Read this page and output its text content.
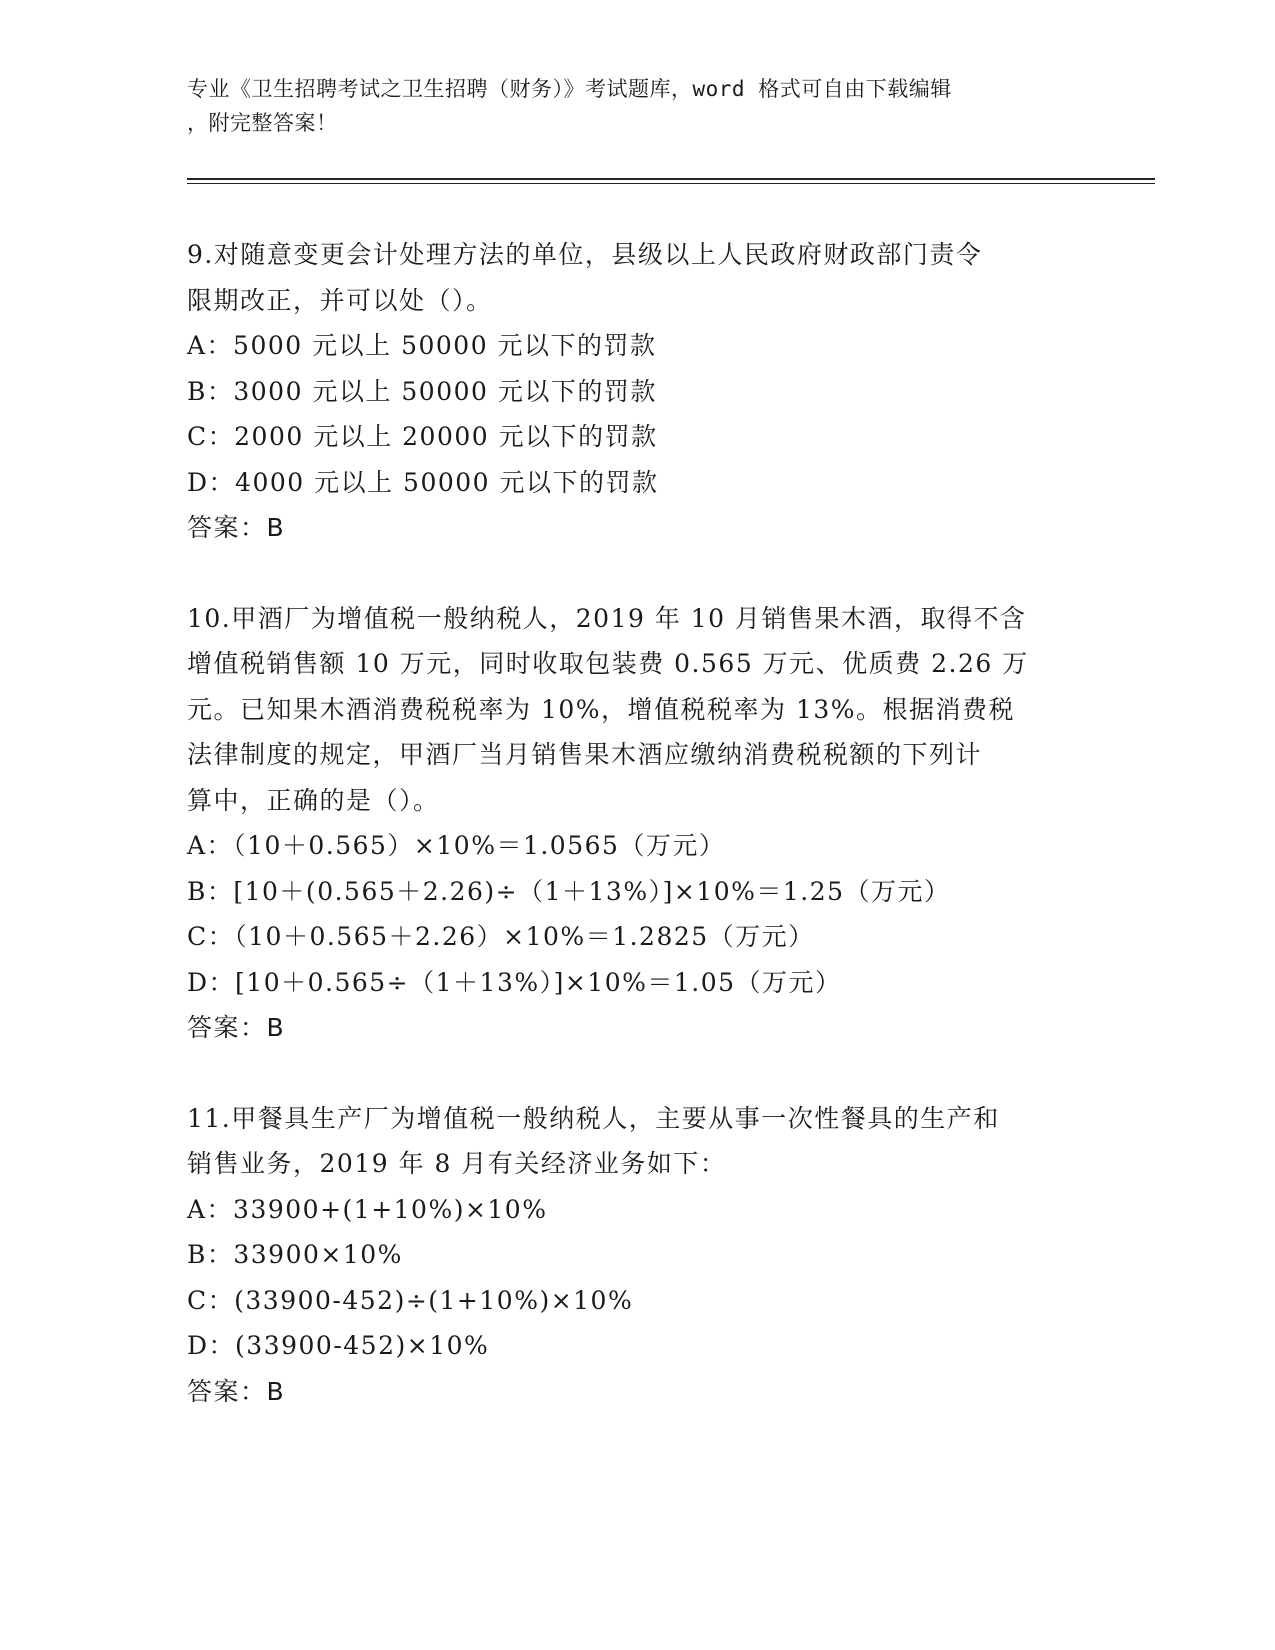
专业《卫生招聘考试之卫生招聘（财务）》考试题库，word 格式可自由下载编辑
，附完整答案！
9.对随意变更会计处理方法的单位，县级以上人民政府财政部门责令
限期改正，并可以处（）。
A：5000 元以上 50000 元以下的罚款
B：3000 元以上 50000 元以下的罚款
C：2000 元以上 20000 元以下的罚款
D：4000 元以上 50000 元以下的罚款
答案：B
10.甲酒厂为增值税一般纳税人，2019 年 10 月销售果木酒，取得不含
增值税销售额 10 万元，同时收取包装费 0.565 万元、优质费 2.26 万
元。已知果木酒消费税税率为 10%，增值税税率为 13%。根据消费税
法律制度的规定，甲酒厂当月销售果木酒应缴纳消费税税额的下列计
算中，正确的是（）。
A：（10＋0.565）×10%＝1.0565（万元）
B：[10＋(0.565＋2.26)÷（1＋13%）]×10%＝1.25（万元）
C：（10＋0.565＋2.26）×10%＝1.2825（万元）
D：[10＋0.565÷（1＋13%）]×10%＝1.05（万元）
答案：B
11.甲餐具生产厂为增值税一般纳税人，主要从事一次性餐具的生产和
销售业务，2019 年 8 月有关经济业务如下：
A：33900+(1+10%)×10%
B：33900×10%
C：(33900-452)÷(1+10%)×10%
D：(33900-452)×10%
答案：B
